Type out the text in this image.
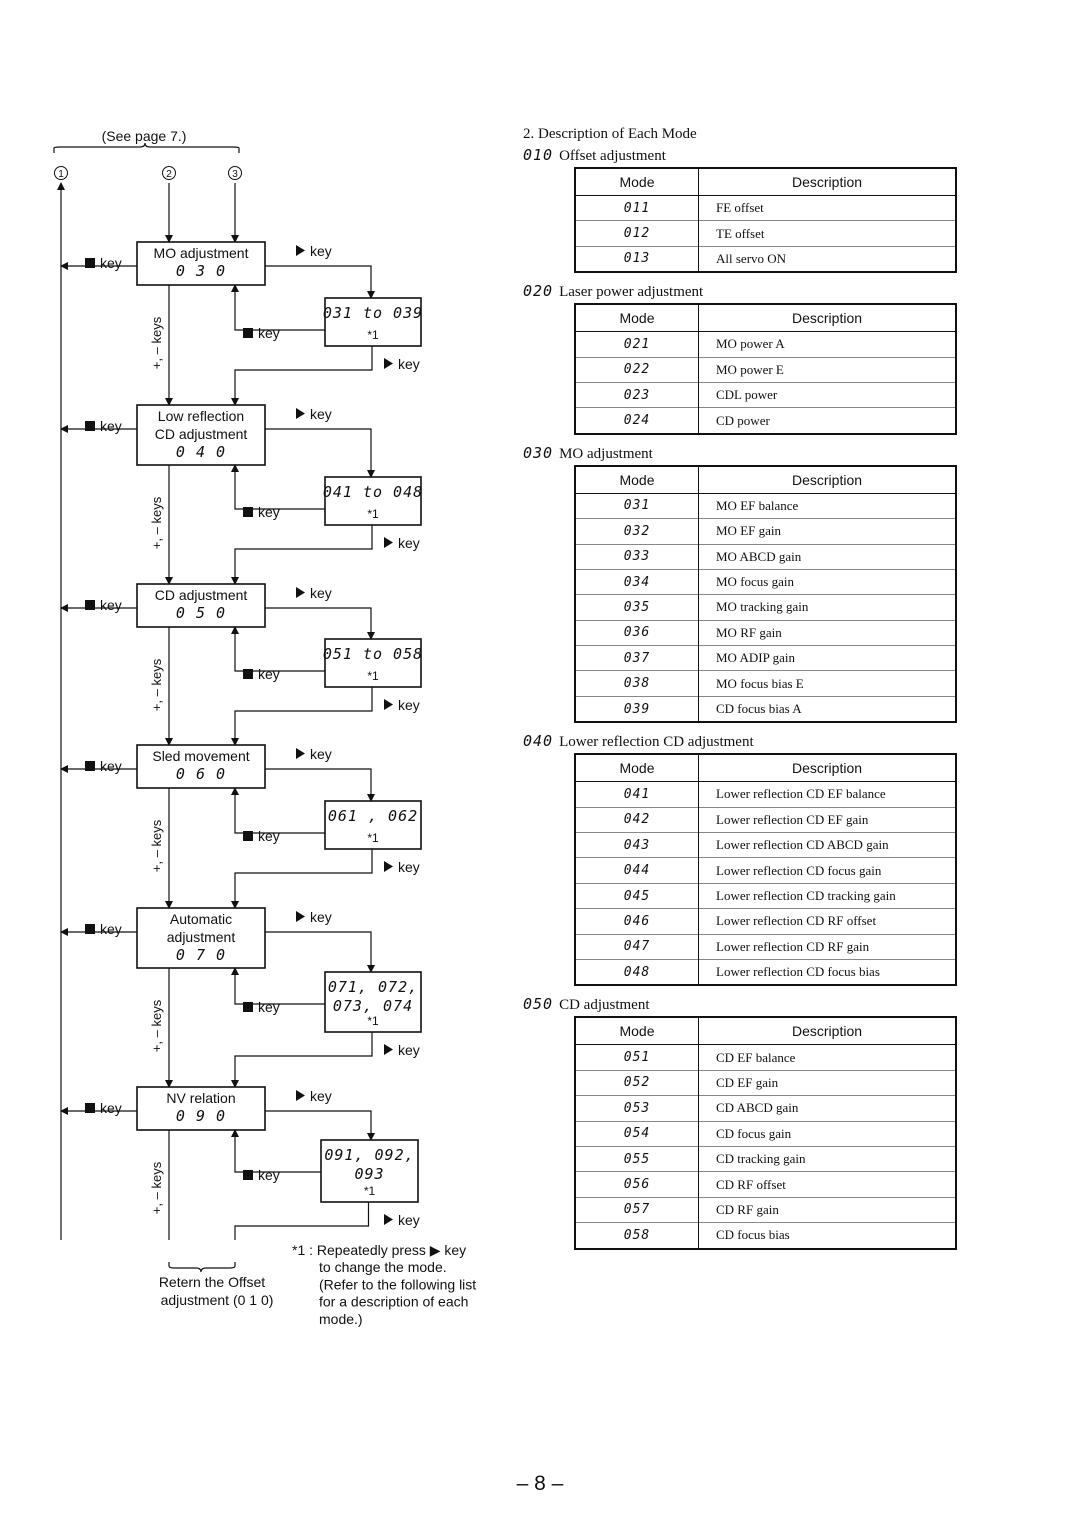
(See page 7.)
1	2	3
MO adjustment
0 3 0
031 to 039
*1
key
key
key
+, – keys	key
Low reflection
CD adjustment
0 4 0
041 to 048
*1
key
key
key
+, – keys	key
CD adjustment
0 5 0
051 to 058
*1
key
key
key
+, – keys	key
Sled movement
0 6 0
061 , 062
*1
key
key
key
+, – keys	key
Automatic
adjustment
0 7 0
071, 072,
073, 074
*1
key
key
key
+, – keys	key
NV relation
0 9 0
091, 092,
093
*1
key
key
key
+, – keys
key
Retern the Offset
adjustment (0 1 0)
*1 : Repeatedly press ▶ key
to change the mode.
(Refer to the following list
for a description of each
mode.)
2. Description of Each Mode
010 Offset adjustment
Mode	Description
011	FE offset
012	TE offset
013	All servo ON
020 Laser power adjustment
Mode	Description
021	MO power A
022	MO power E
023	CDL power
024	CD power
030 MO adjustment
Mode	Description
031	MO EF balance
032	MO EF gain
033	MO ABCD gain
034	MO focus gain
035	MO tracking gain
036	MO RF gain
037	MO ADIP gain
038	MO focus bias E
039	CD focus bias A
040 Lower reflection CD adjustment
Mode	Description
041	Lower reflection CD EF balance
042	Lower reflection CD EF gain
043	Lower reflection CD ABCD gain
044	Lower reflection CD focus gain
045	Lower reflection CD tracking gain
046	Lower reflection CD RF offset
047	Lower reflection CD RF gain
048	Lower reflection CD focus bias
050 CD adjustment
Mode	Description
051	CD EF balance
052	CD EF gain
053	CD ABCD gain
054	CD focus gain
055	CD tracking gain
056	CD RF offset
057	CD RF gain
058	CD focus bias
– 8 –
